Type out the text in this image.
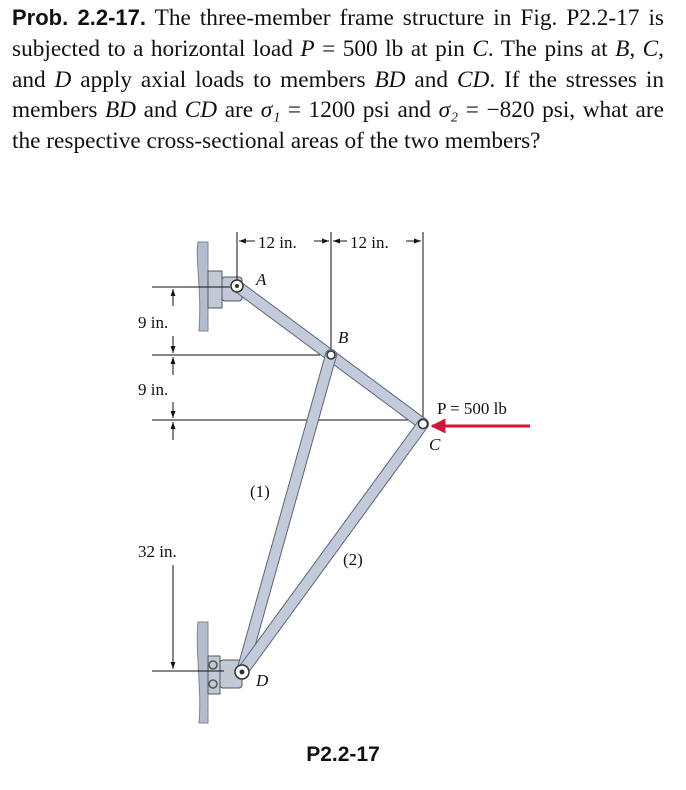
Prob. 2.2-17. The three-member frame structure in Fig. P2.2-17 is subjected to a horizontal load P = 500 lb at pin C. The pins at B, C, and D apply axial loads to members BD and CD. If the stresses in members BD and CD are σ₁ = 1200 psi and σ₂ = −820 psi, what are the respective cross-sectional areas of the two members?

12 in.	12 in.
9 in.
9 in.
32 in.
A
B
C
D
(1)
(2)
P = 500 lb
P2.2-17
